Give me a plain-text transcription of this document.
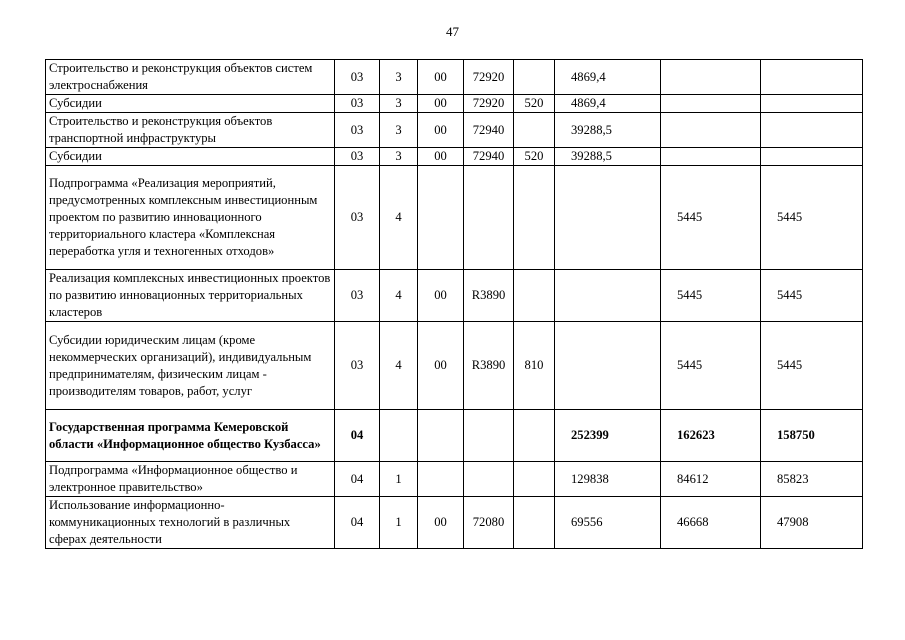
47
Строительство и реконструкция объектов систем электроснабжения	03	3	00	72920		4869,4		
Субсидии	03	3	00	72920	520	4869,4		
Строительство и реконструкция объектов транспортной инфраструктуры	03	3	00	72940		39288,5		
Субсидии	03	3	00	72940	520	39288,5		
Подпрограмма «Реализация мероприятий, предусмотренных комплексным инвестиционным проектом по развитию инновационного территориального кластера «Комплексная переработка угля и техногенных отходов»	03	4					5445	5445
Реализация комплексных инвестиционных проектов по развитию инновационных территориальных кластеров	03	4	00	R3890			5445	5445
Субсидии юридическим лицам (кроме некоммерческих организаций), индивидуальным предпринимателям, физическим лицам - производителям товаров, работ, услуг	03	4	00	R3890	810		5445	5445
Государственная программа Кемеровской области «Информационное общество Кузбасса»	04					252399	162623	158750
Подпрограмма «Информационное общество и электронное правительство»	04	1				129838	84612	85823
Использование информационно-коммуникационных технологий в различных сферах деятельности	04	1	00	72080		69556	46668	47908
